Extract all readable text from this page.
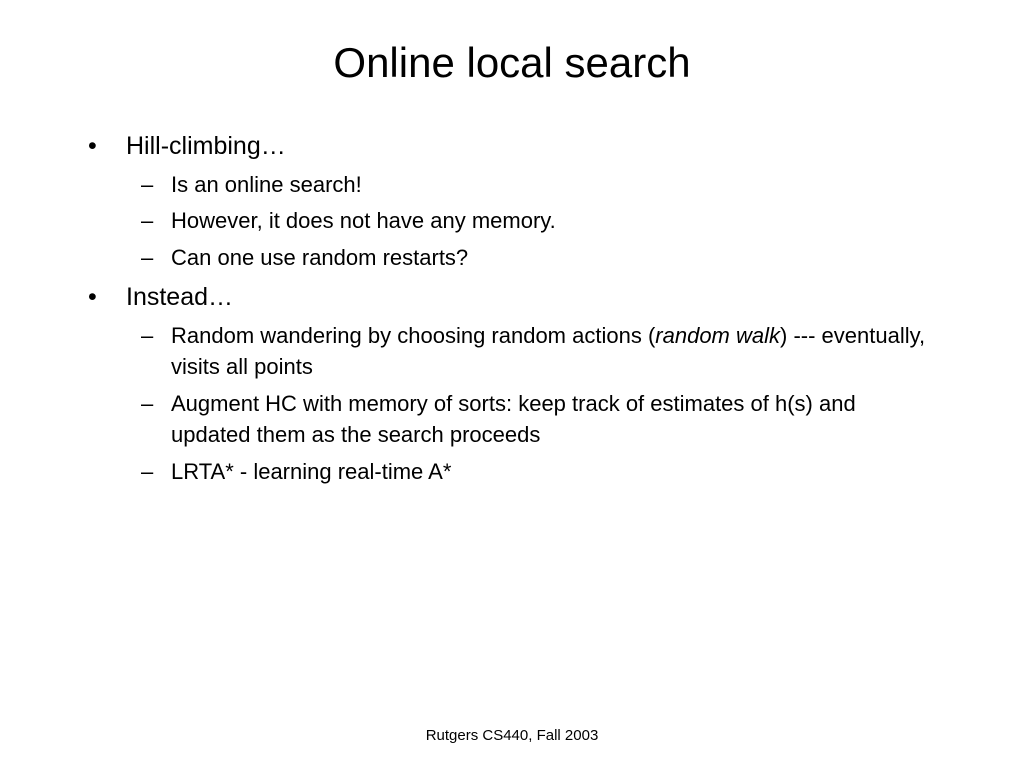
Online local search
• Hill-climbing…
– Is an online search!
– However, it does not have any memory.
– Can one use random restarts?
• Instead…
– Random wandering by choosing random actions (random walk) --- eventually, visits all points
– Augment HC with memory of sorts: keep track of estimates of h(s) and updated them as the search proceeds
– LRTA* - learning real-time A*
Rutgers CS440, Fall 2003
